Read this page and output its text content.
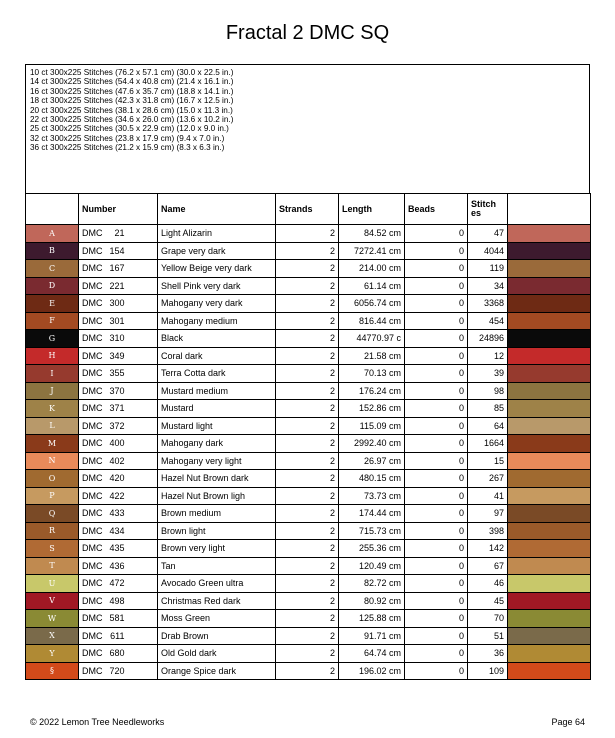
Fractal 2 DMC SQ
10 ct 300x225 Stitches (76.2 x 57.1 cm) (30.0 x 22.5 in.)
14 ct 300x225 Stitches (54.4 x 40.8 cm) (21.4 x 16.1 in.)
16 ct 300x225 Stitches (47.6 x 35.7 cm) (18.8 x 14.1 in.)
18 ct 300x225 Stitches (42.3 x 31.8 cm) (16.7 x 12.5 in.)
20 ct 300x225 Stitches (38.1 x 28.6 cm) (15.0 x 11.3 in.)
22 ct 300x225 Stitches (34.6 x 26.0 cm) (13.6 x 10.2 in.)
25 ct 300x225 Stitches (30.5 x 22.9 cm) (12.0 x 9.0 in.)
32 ct 300x225 Stitches (23.8 x 17.9 cm) (9.4 x 7.0 in.)
36 ct 300x225 Stitches (21.2 x 15.9 cm) (8.3 x 6.3 in.)
	Number	Name	Strands	Length	Beads	Stitch es	
A	DMC 21	Light Alizarin	2	84.52 cm	0	47	
B	DMC 154	Grape very dark	2	7272.41 cm	0	4044	
C	DMC 167	Yellow Beige very dark	2	214.00 cm	0	119	
D	DMC 221	Shell Pink very dark	2	61.14 cm	0	34	
E	DMC 300	Mahogany very dark	2	6056.74 cm	0	3368	
F	DMC 301	Mahogany medium	2	816.44 cm	0	454	
G	DMC 310	Black	2	44770.97 c	0	24896	
H	DMC 349	Coral dark	2	21.58 cm	0	12	
I	DMC 355	Terra Cotta dark	2	70.13 cm	0	39	
J	DMC 370	Mustard medium	2	176.24 cm	0	98	
K	DMC 371	Mustard	2	152.86 cm	0	85	
L	DMC 372	Mustard light	2	115.09 cm	0	64	
M	DMC 400	Mahogany dark	2	2992.40 cm	0	1664	
N	DMC 402	Mahogany very light	2	26.97 cm	0	15	
O	DMC 420	Hazel Nut Brown dark	2	480.15 cm	0	267	
P	DMC 422	Hazel Nut Brown ligh	2	73.73 cm	0	41	
Q	DMC 433	Brown medium	2	174.44 cm	0	97	
R	DMC 434	Brown light	2	715.73 cm	0	398	
S	DMC 435	Brown very light	2	255.36 cm	0	142	
T	DMC 436	Tan	2	120.49 cm	0	67	
U	DMC 472	Avocado Green ultra	2	82.72 cm	0	46	
V	DMC 498	Christmas Red dark	2	80.92 cm	0	45	
W	DMC 581	Moss Green	2	125.88 cm	0	70	
X	DMC 611	Drab Brown	2	91.71 cm	0	51	
Y	DMC 680	Old Gold dark	2	64.74 cm	0	36	
§	DMC 720	Orange Spice dark	2	196.02 cm	0	109	
© 2022 Lemon Tree Needleworks	Page 64
